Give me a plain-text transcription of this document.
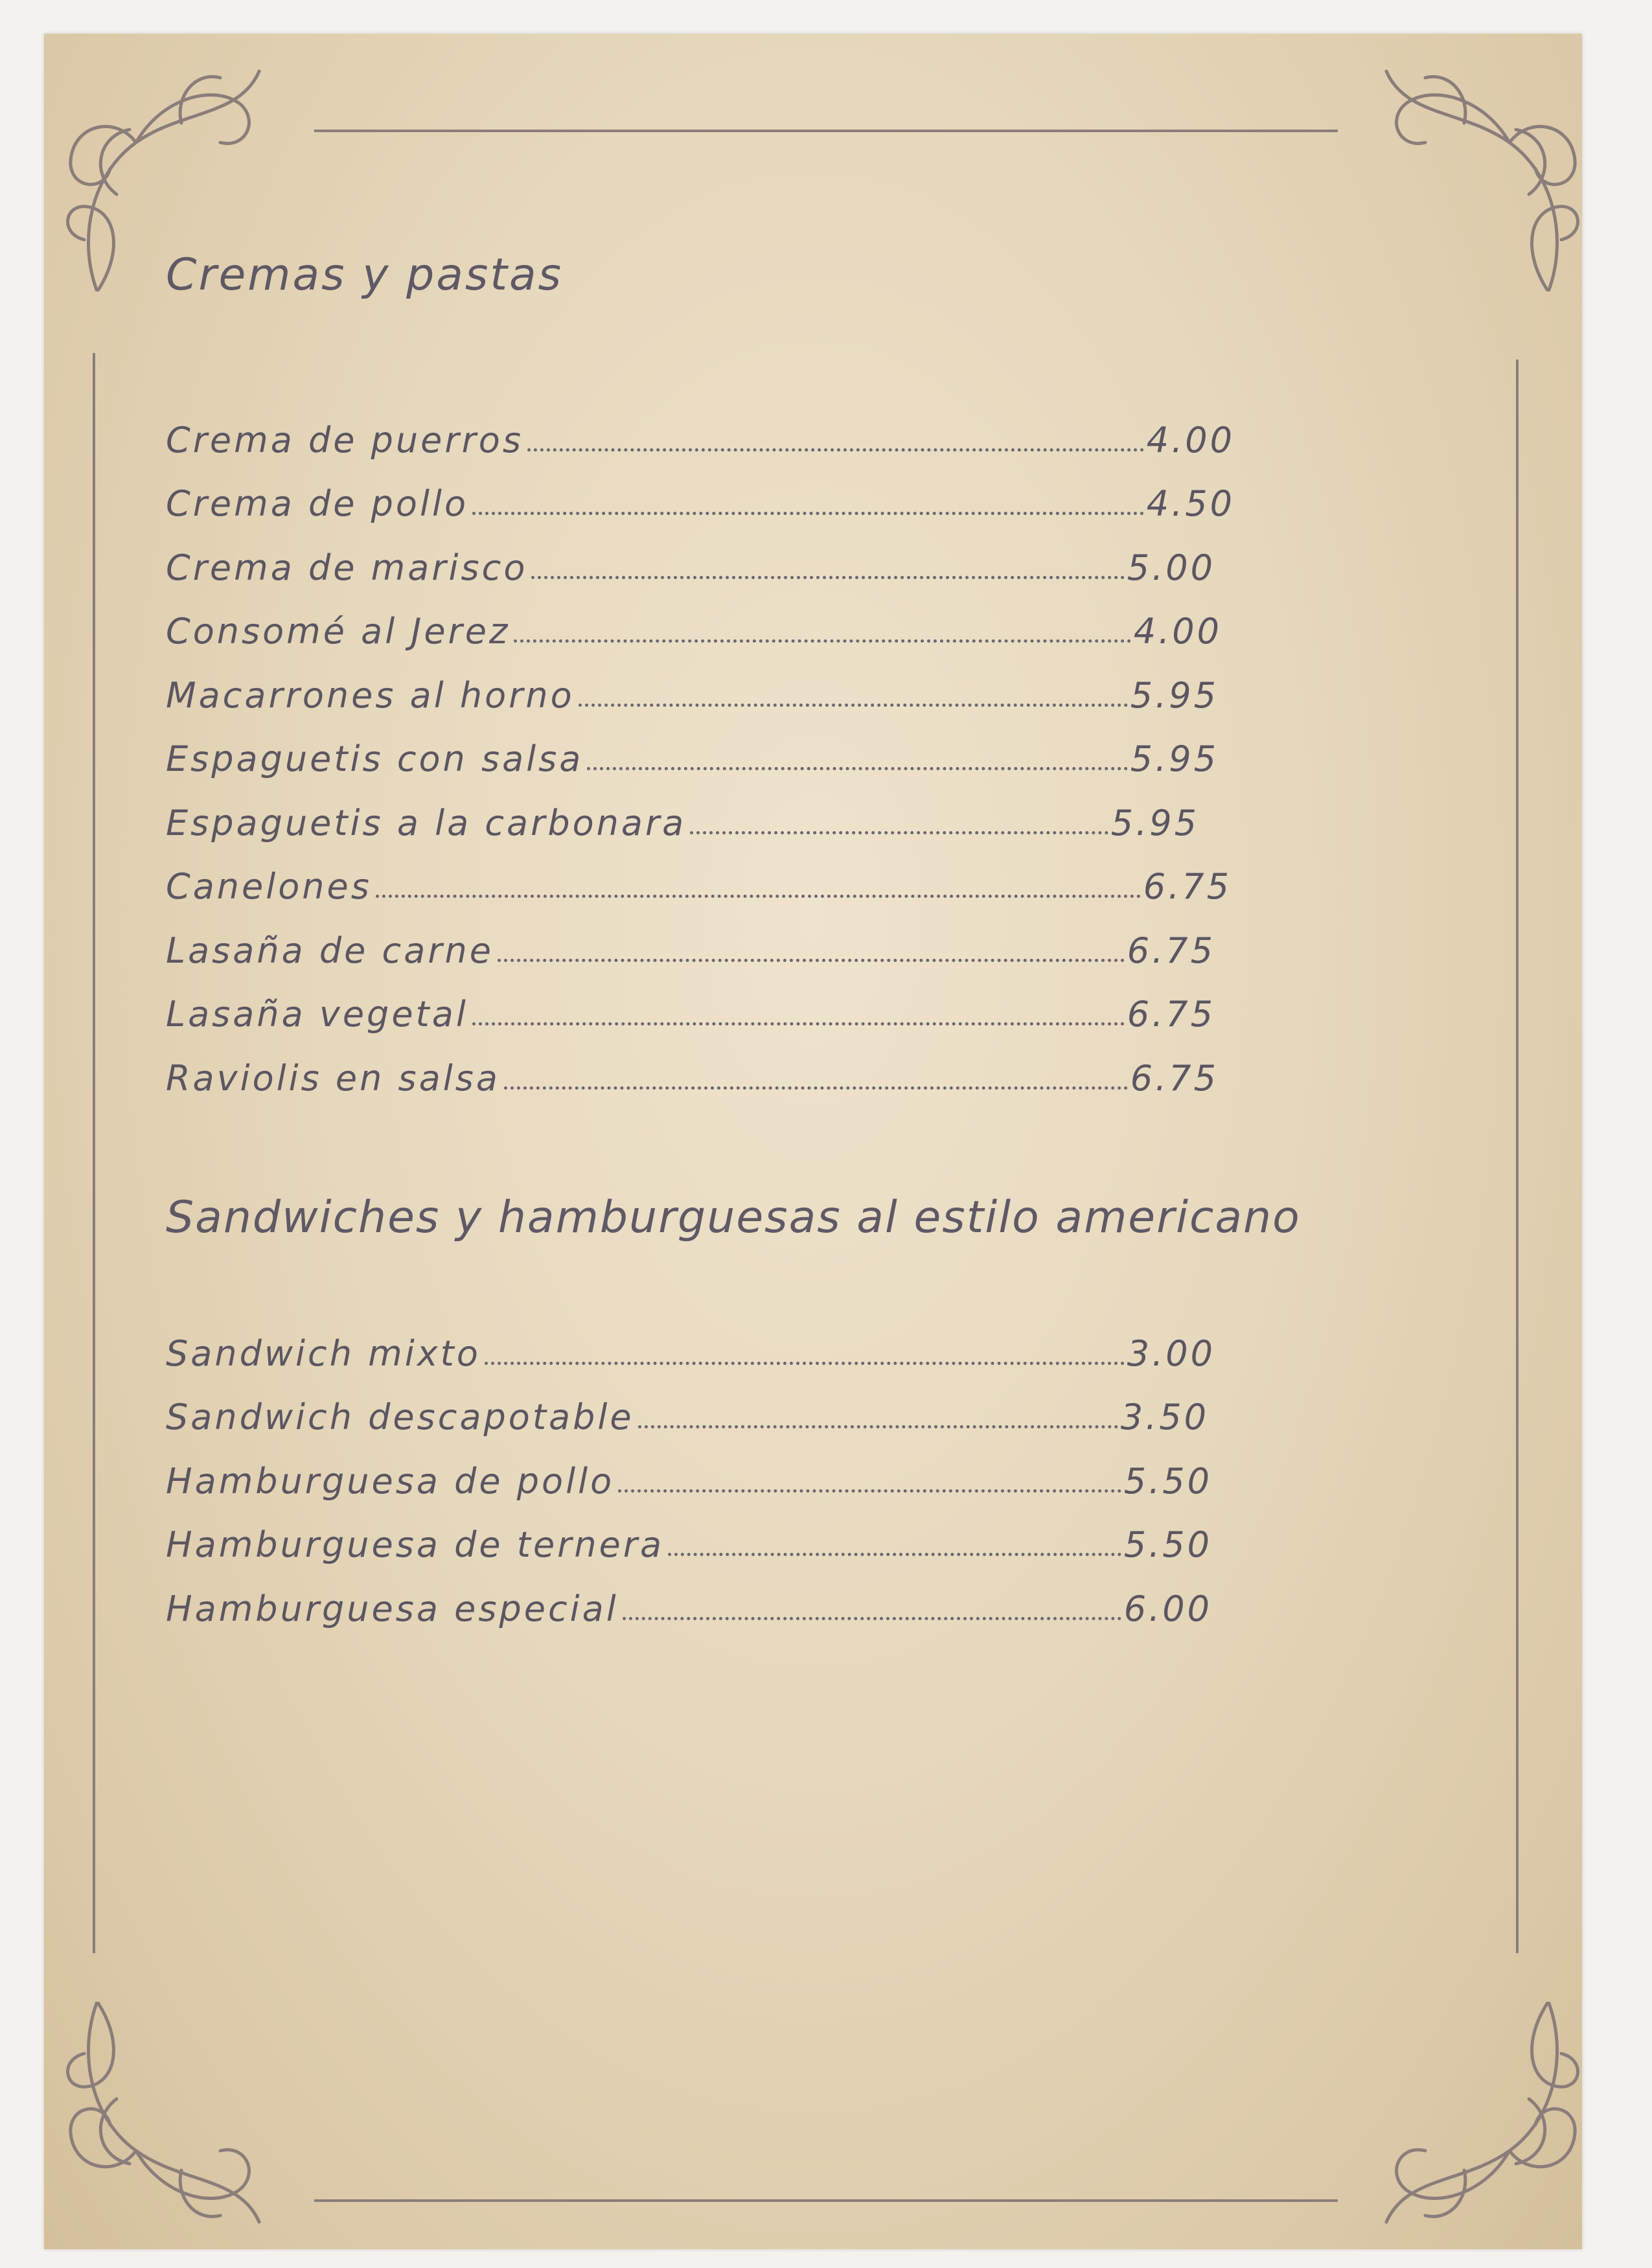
Cremas y pastas
Crema de puerros	4.00
Crema de pollo	4.50
Crema de marisco	5.00
Consomé al Jerez	4.00
Macarrones al horno	5.95
Espaguetis con salsa	5.95
Espaguetis a la carbonara	5.95
Canelones	6.75
Lasaña de carne	6.75
Lasaña vegetal	6.75
Raviolis en salsa	6.75
Sandwiches y hamburguesas al estilo americano
Sandwich mixto	3.00
Sandwich descapotable	3.50
Hamburguesa de pollo	5.50
Hamburguesa de ternera	5.50
Hamburguesa especial	6.00
